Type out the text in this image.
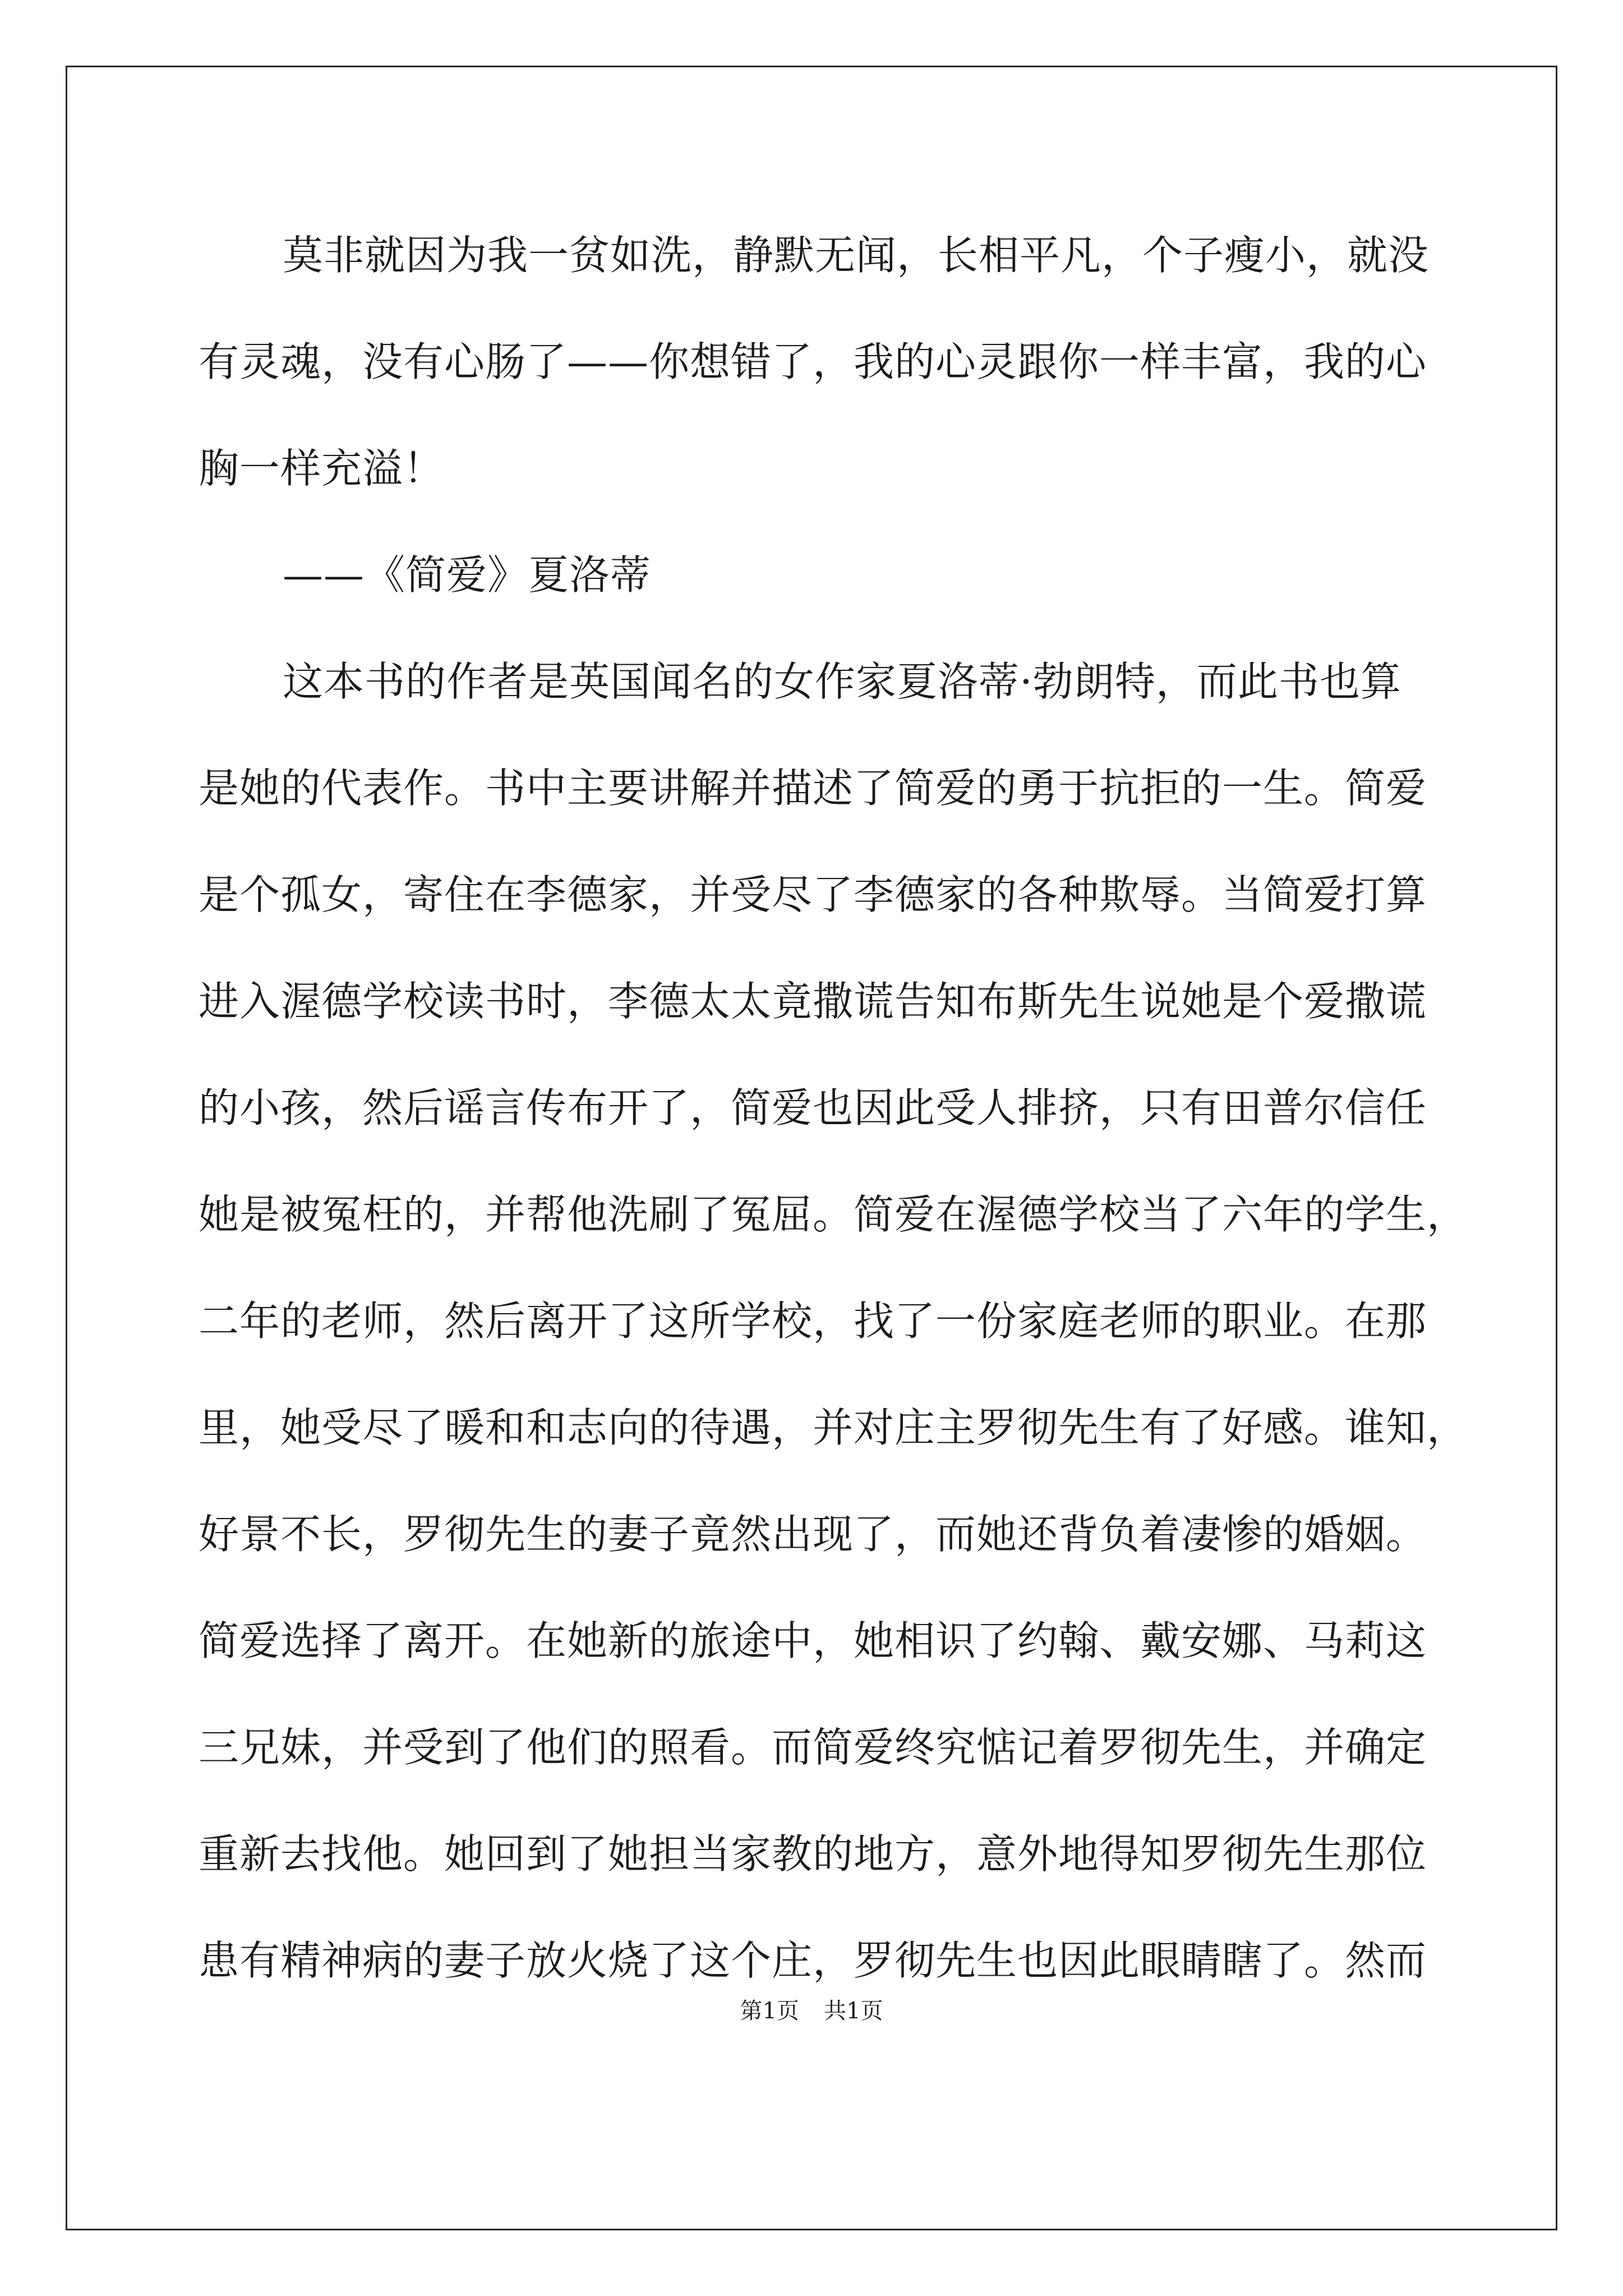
莫非就因为我一贫如洗，静默无闻，长相平凡，个子瘦小，就没
有灵魂，没有心肠了——你想错了，我的心灵跟你一样丰富，我的心
胸一样充溢！
——《简爱》夏洛蒂
这本书的作者是英国闻名的女作家夏洛蒂·勃朗特，而此书也算
是她的代表作。书中主要讲解并描述了简爱的勇于抗拒的一生。简爱
是个孤女，寄住在李德家，并受尽了李德家的各种欺辱。当简爱打算
进入渥德学校读书时，李德太太竟撒谎告知布斯先生说她是个爱撒谎
的小孩，然后谣言传布开了，简爱也因此受人排挤，只有田普尔信任
她是被冤枉的，并帮他洗刷了冤屈。简爱在渥德学校当了六年的学生，
二年的老师，然后离开了这所学校，找了一份家庭老师的职业。在那
里，她受尽了暖和和志向的待遇，并对庄主罗彻先生有了好感。谁知，
好景不长，罗彻先生的妻子竟然出现了，而她还背负着凄惨的婚姻。
简爱选择了离开。在她新的旅途中，她相识了约翰、戴安娜、马莉这
三兄妹，并受到了他们的照看。而简爱终究惦记着罗彻先生，并确定
重新去找他。她回到了她担当家教的地方，意外地得知罗彻先生那位
患有精神病的妻子放火烧了这个庄，罗彻先生也因此眼睛瞎了。然而
第1页 共1页
